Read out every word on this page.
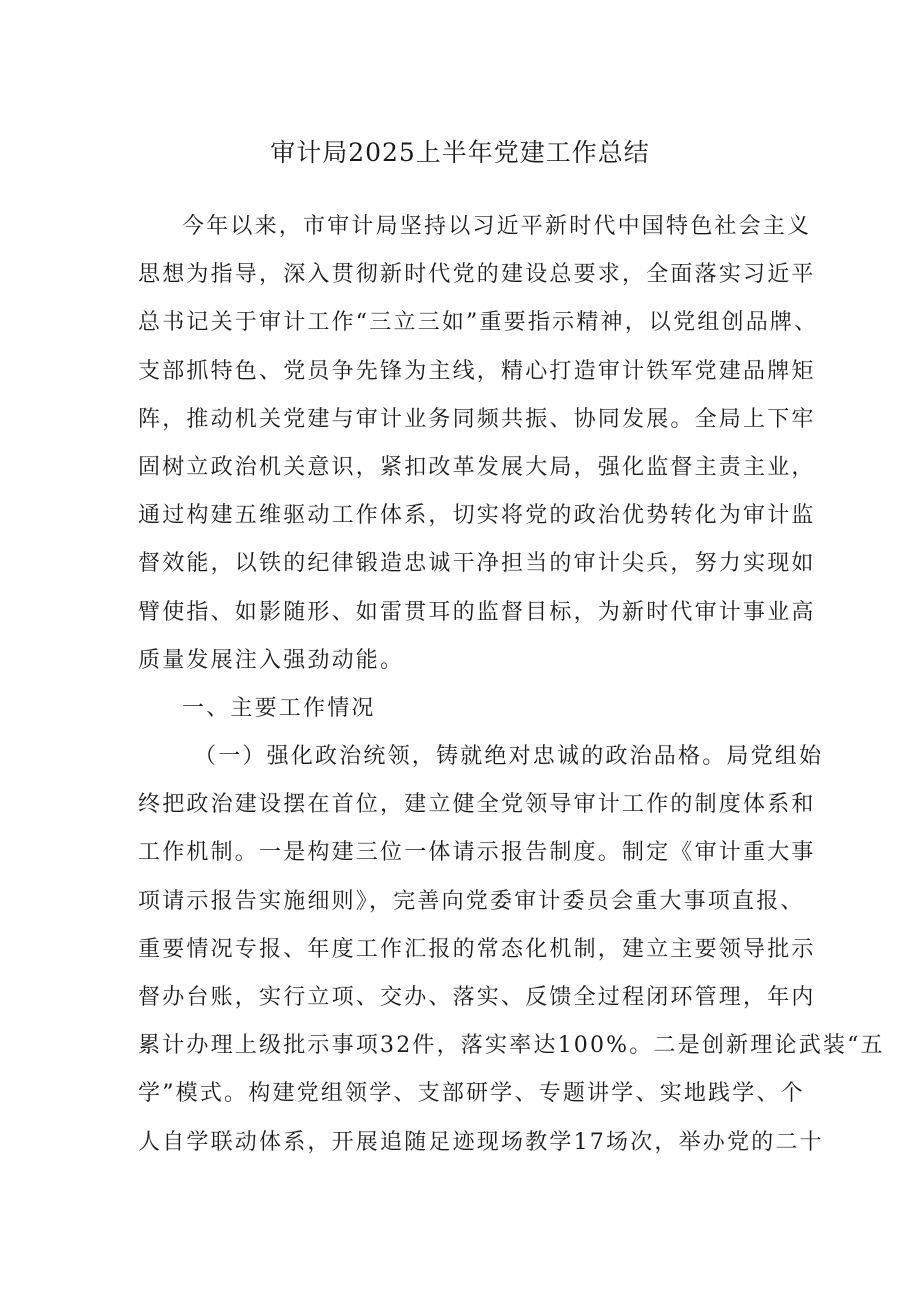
审计局2025上半年党建工作总结
今年以来，市审计局坚持以习近平新时代中国特色社会主义
思想为指导，深入贯彻新时代党的建设总要求，全面落实习近平
总书记关于审计工作“三立三如”重要指示精神，以党组创品牌、
支部抓特色、党员争先锋为主线，精心打造审计铁军党建品牌矩
阵，推动机关党建与审计业务同频共振、协同发展。全局上下牢
固树立政治机关意识，紧扣改革发展大局，强化监督主责主业，
通过构建五维驱动工作体系，切实将党的政治优势转化为审计监
督效能，以铁的纪律锻造忠诚干净担当的审计尖兵，努力实现如
臂使指、如影随形、如雷贯耳的监督目标，为新时代审计事业高
质量发展注入强劲动能。
一、主要工作情况
（一）强化政治统领，铸就绝对忠诚的政治品格。局党组始
终把政治建设摆在首位，建立健全党领导审计工作的制度体系和
工作机制。一是构建三位一体请示报告制度。制定《审计重大事
项请示报告实施细则》，完善向党委审计委员会重大事项直报、
重要情况专报、年度工作汇报的常态化机制，建立主要领导批示
督办台账，实行立项、交办、落实、反馈全过程闭环管理，年内
累计办理上级批示事项32件，落实率达100%。二是创新理论武装“五
学”模式。构建党组领学、支部研学、专题讲学、实地践学、个
人自学联动体系，开展追随足迹现场教学17场次，举办党的二十
